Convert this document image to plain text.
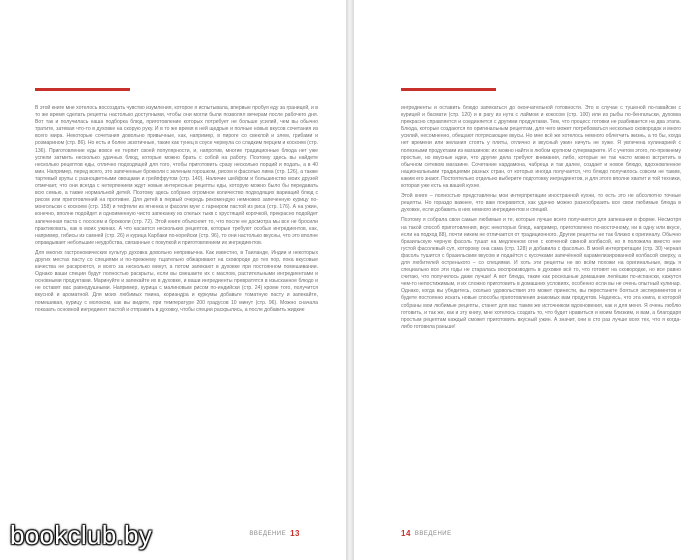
В этой книге мне хотелось воссоздать чувство изумления, которое я испытывала, впервые пробуя еду за границей, и в то же время сделать рецепты настолько доступными, чтобы они могли были позволял вечерам после рабочего дня. Вот так и получилась наша подборка блюд, приготовление которых потребует не больше усилий, чем вы обычно тратите, затевая что-то в духовке на скорую руку. И в то же время в ней щедрые и полные новых вкусов сочетания из всего мира. Некоторые сочетания довольно привычные, как, например, в пироге со свеклой и элем, грибами и розмарином (стр. 86). Но есть и более экзотичные, такие как тунец в соусе чермула со сладким перцем и коскоем (стр. 136). Приготовление еды вовсе не терпит своей популярности, и, напротив, многие традиционные блюда нет уже успели затмить несколько удачных блюд, которые можно брать с собой на работу. Поэтому здесь вы найдете несколько рецептов еды, отлично подходящей для того, чтобы приготовить сразу несколько порций и подать, а в 40 мин. Например, перед всего, это запеченные брокколи с зеленым горошком, рисом и фасолью лима (стр. 126), а также тартевый крупы с разноцветными овощами и грейпфрутом (стр. 140). Наличие шейфом и большинство моих друзей отмечает, что они всегда с нетерпением ждут новые интересные рецепты еды, которую можно было бы передавать всю семью, а также нормальной детей. Поэтому здесь собрано огромное количество подходящих вариаций блюд с рисом или приготовлений на противне. Для детей в первый очередь рекомендую немножко запеченную курицу по-монгольски с коскоем (стр. 158) и тефтели из ягненка и фасоли мунг с гарниром пастой из риса (стр. 176). А на ужин, конечно, вполне подойдет и одноименную чисто запеканку из спелых тыкв с хрустящей корочкой, прекрасно подойдет запеченная паста с лососем и брокколи (стр. 72). Этой книге объясняет то, что после ее досмотра мы все не бросили практиковать, как в моих ужинах. А что касается нескольких рецептов, которые требуют особых ингредиентов, как, например, гибисы из самней (стр. 26) и курица Карбаки по-корейски (стр. 96), то они настолько вкусны, что это вполне оправдывает небольшие неудобства, связанные с покупкой и приготовлением их ингредиентов.

Для многих гастрономических культур духовка довольно непривычна. Как известно, в Таиланде, Индии и некоторых других местах пасту со специями и по-прежнему тщательно обжаривают на сковороде до тех пор, пока вкусовые качества не раскроются, и всего за несколько минут, а потом запекают в духовке при постоянном помешивании. Однако ваши специи будут полностью раскрыты, если вы смешаете их с маслом, растительными ингредиентами и основными продуктами. Маринуйте и запекайте их в духовке, и ваши ингредиенты превратятся в изысканное блюдо и не оставят вас равнодушными. Например, курица с малиновым рисом по-индийски (стр. 24) кроме того, получится вкусной и ароматной. Для моих любимых тмина, кориандра и куркумы добавьте томатную пасту и запекайте, помешивая, курицу с молоком, как вы видите, при температуре 200 градусов 10 минут (стр. 96). Можно сначала показать основной ингредиент пастой и отправить в духовку, чтобы специи раскрылись, а после добавить жидкие

ВВЕДЕНИЕ 13

ингредиенты и оставить блюдо запекаться до окончательной готовности. Это в случае с тушеной по-гавайски с курицей и басмати (стр. 120) и в рагу из нута с лаймом и кокосом (стр. 100) или из рыбы по-бенгальски, духовка прекрасно справляется и соединяется с другими продуктами. Тем, что процесс готовки не разбивается на два этапа. Блюда, которые создаются по оригинальным рецептам, для чего может потребоваться несколько сковородок и много усилий, несомненно, обещают потрясающие вкусы. Но мне всё же хотелось немного облегчить жизнь, а то бы, когда нет времени или желания стоять у плиты, отлично и вкусный ужин ничуть не хуже. Я увлечена кулинарией с полезными продуктами из магазинов: их можно найти в любом крупном супермаркете. И с учетом этого, по-прежнему простые, но вкусные идеи, что другие дела требуют внимания, либо, которые не так часто можно встретить в обычном сетевом магазине. Сочетание кардамона, чабреца и так далее, создает и новое блюдо, вдохновленное национальными традициями разных стран, от которых иногда получается, что блюдо получилось совсем не таким, каким его знают. Постоятельно отдельно выберите подготовку ингредиентов, и для этого вполне хватит и той техники, которая уже есть на вашей кухне.

Этой книге – полностью представлены мои интерпретации иностранной кухни, то есть это не абсолютно точные рецепты. Но гораздо важнее, что вам понравится, как удачно можно разнообразить все свои любимые блюда в духовке, если добавить в них немного ингредиентов и специй.

Поэтому я собрала свои самые любимые и те, которые лучше всего получаются для запекания в форме. Несмотря на такой способ приготовления, вкус некоторых блюд, например, приготовлено по-восточному, ни в одну или вкусе, если на подход 88), почти никем не отличается от традиционного. Другие рецепты не так близко к оригиналу. Обычно бразильскую черную фасоль тушат на медленном огне с копченой свиной колбасой, но я положила вместо нее густой фасолевый суп, которому она сама (стр. 128) и добавила с фасолью. В моей интерпретации (стр. 30) черная фасоль тушится с бразильским вкусом и подаётся с кусочками запечённой карамелизированной колбасой сверху, а для любителей остренького – со специями. И хоть эти рецепты не во всём похожи на оригинальные, ведь я специально все эти годы не старалась воспроизводить в духовке всё то, что готовят на сковородке, но все равно считаю, что получилось даже лучше! А вот блюда, такие как роскошные домашние лепёшки по-испански, кажутся чем-то непостижимым, и их сложно приготовить в домашних условиях, особенно если вы не очень опытный кулинар. Однако, когда вы убедитесь, сколько удовольствия это может принести, вы перестанете бояться экспериментов и будете постоянно искать новые способы приготовления знакомых вам продуктов. Надеюсь, что эта книга, в которой собраны мои любимые рецепты, станет для вас таким же источником вдохновения, как и для меня. Я очень люблю готовить, и так же, как и эту книгу, мне хотелось создать то, что будет нравиться и моим близким, и вам, а благодаря простым рецептам каждый сможет приготовить вкусный ужин. А значит, они в сто раз лучше всех тех, что я когда-либо готовила раньше!

14 ВВЕДЕНИЕ
bookclub.by
